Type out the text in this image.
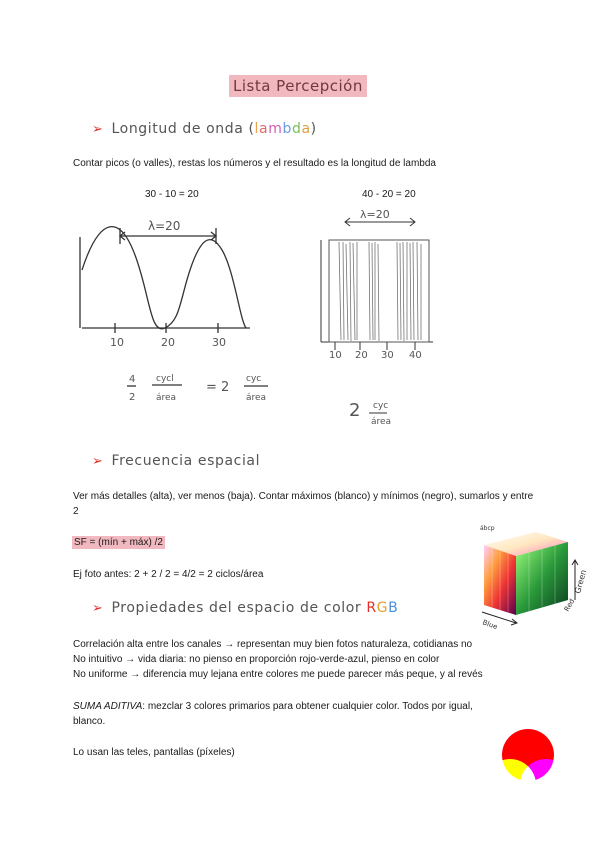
Lista Percepción
➢ Longitud de onda (lambda)
Contar picos (o valles), restas los números y el resultado es la longitud de lambda
30 - 10 = 20	40 - 20 = 20
λ=20
10	20	30
4
2
cycl
área
= 2
cyc
área
λ=20
10 20 30 40
2 cyc
área
➢ Frecuencia espacial
Ver más detalles (alta), ver menos (baja). Contar máximos (blanco) y mínimos (negro), sumarlos y entre 2
SF = (mín + máx) /2
Ej foto antes: 2 + 2 / 2 = 4/2 = 2 ciclos/área
ábcp
Green
Red
Blue
➢ Propiedades del espacio de color RGB
Correlación alta entre los canales → representan muy bien fotos naturaleza, cotidianas no
No intuitivo → vida diaria: no pienso en proporción rojo-verde-azul, pienso en color
No uniforme → diferencia muy lejana entre colores me puede parecer más peque, y al revés
SUMA ADITIVA: mezclar 3 colores primarios para obtener cualquier color. Todos por igual, blanco.
Lo usan las teles, pantallas (píxeles)
